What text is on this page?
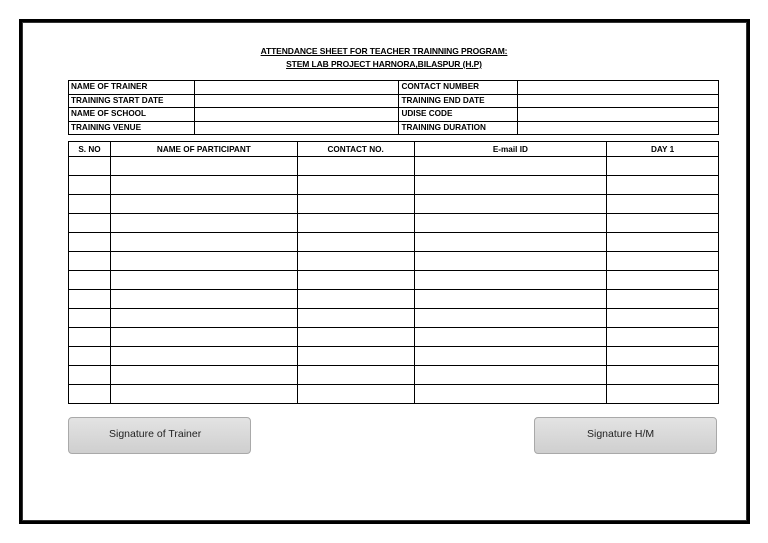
ATTENDANCE SHEET FOR TEACHER TRAINNING PROGRAM:
STEM LAB PROJECT HARNORA,BILASPUR (H.P)
NAME OF TRAINER		CONTACT NUMBER	
TRAINING START DATE		TRAINING END DATE	
NAME OF SCHOOL		UDISE CODE	
TRAINING VENUE		TRAINING DURATION	
S. NO	NAME OF PARTICIPANT	CONTACT NO.	E-mail ID	DAY 1

Signature of Trainer	Signature H/M
